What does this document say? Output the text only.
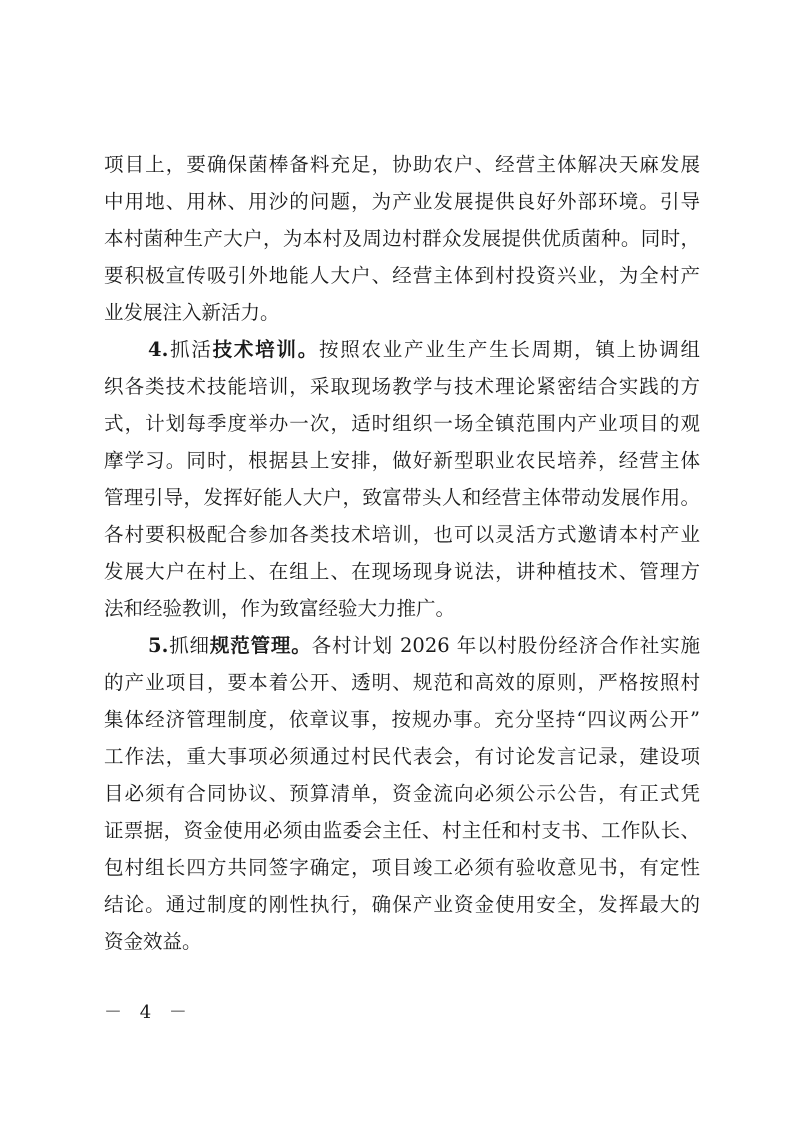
项目上，要确保菌棒备料充足，协助农户、经营主体解决天麻发展
中用地、用林、用沙的问题，为产业发展提供良好外部环境。引导
本村菌种生产大户，为本村及周边村群众发展提供优质菌种。同时，
要积极宣传吸引外地能人大户、经营主体到村投资兴业，为全村产
业发展注入新活力。
4.抓活技术培训。按照农业产业生产生长周期，镇上协调组
织各类技术技能培训，采取现场教学与技术理论紧密结合实践的方
式，计划每季度举办一次，适时组织一场全镇范围内产业项目的观
摩学习。同时，根据县上安排，做好新型职业农民培养，经营主体
管理引导，发挥好能人大户，致富带头人和经营主体带动发展作用。
各村要积极配合参加各类技术培训，也可以灵活方式邀请本村产业
发展大户在村上、在组上、在现场现身说法，讲种植技术、管理方
法和经验教训，作为致富经验大力推广。
5.抓细规范管理。各村计划 2026 年以村股份经济合作社实施
的产业项目，要本着公开、透明、规范和高效的原则，严格按照村
集体经济管理制度，依章议事，按规办事。充分坚持“四议两公开”
工作法，重大事项必须通过村民代表会，有讨论发言记录，建设项
目必须有合同协议、预算清单，资金流向必须公示公告，有正式凭
证票据，资金使用必须由监委会主任、村主任和村支书、工作队长、
包村组长四方共同签字确定，项目竣工必须有验收意见书，有定性
结论。通过制度的刚性执行，确保产业资金使用安全，发挥最大的
资金效益。
－ 4 －
